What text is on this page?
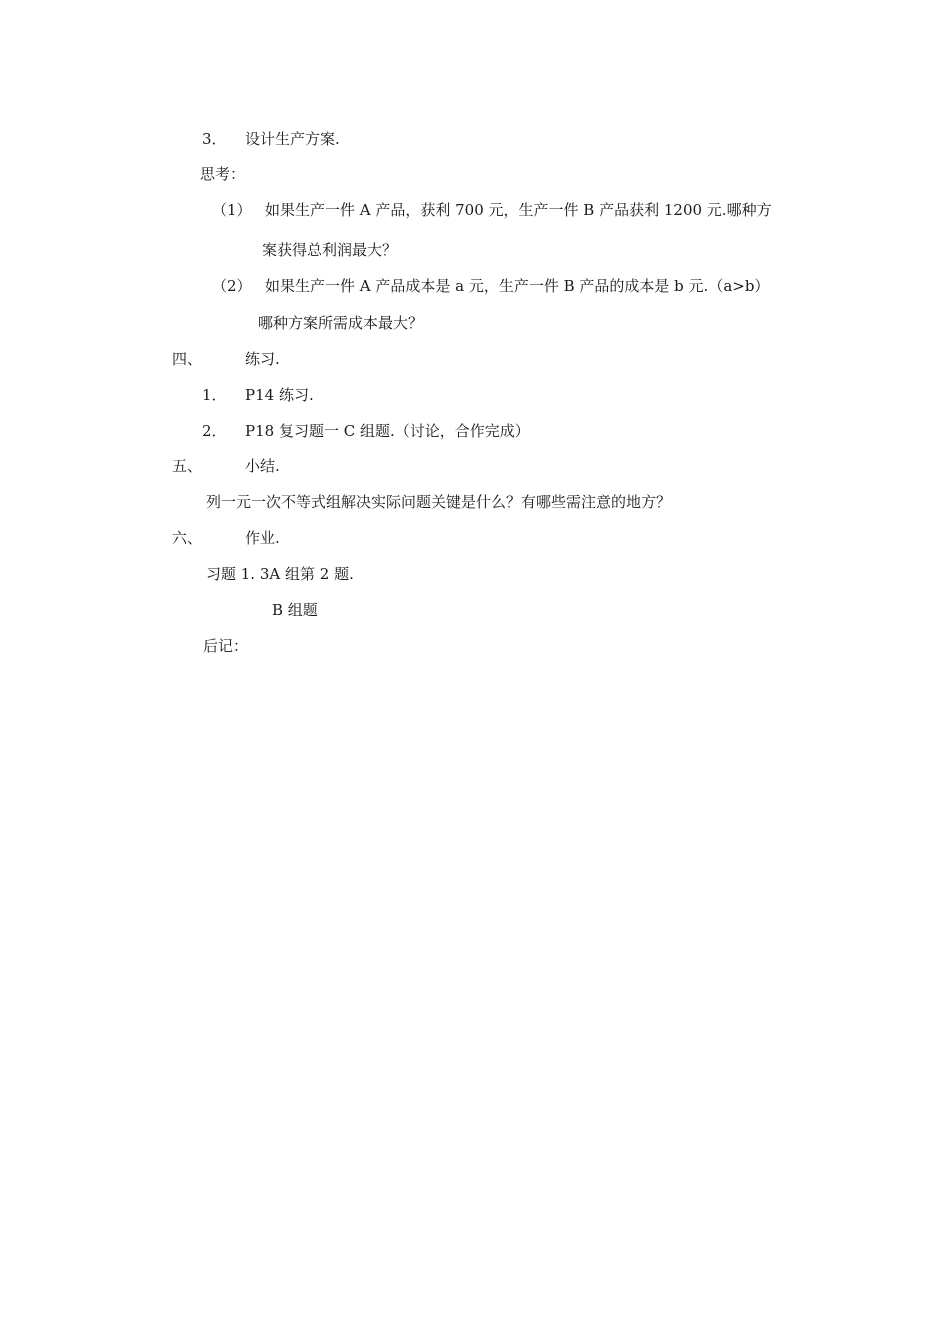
3． 设计生产方案.
思考：
（1） 如果生产一件 A 产品，获利 700 元，生产一件 B 产品获利 1200 元.哪种方
案获得总利润最大？
（2） 如果生产一件 A 产品成本是 a 元，生产一件 B 产品的成本是 b 元.（a>b）
哪种方案所需成本最大？
四、	练习.
1． P14 练习.
2． P18 复习题一 C 组题.（讨论，合作完成）
五、	小结.
列一元一次不等式组解决实际问题关键是什么？有哪些需注意的地方？
六、	作业.
习题 1. 3A 组第 2 题.
B 组题
后记：
